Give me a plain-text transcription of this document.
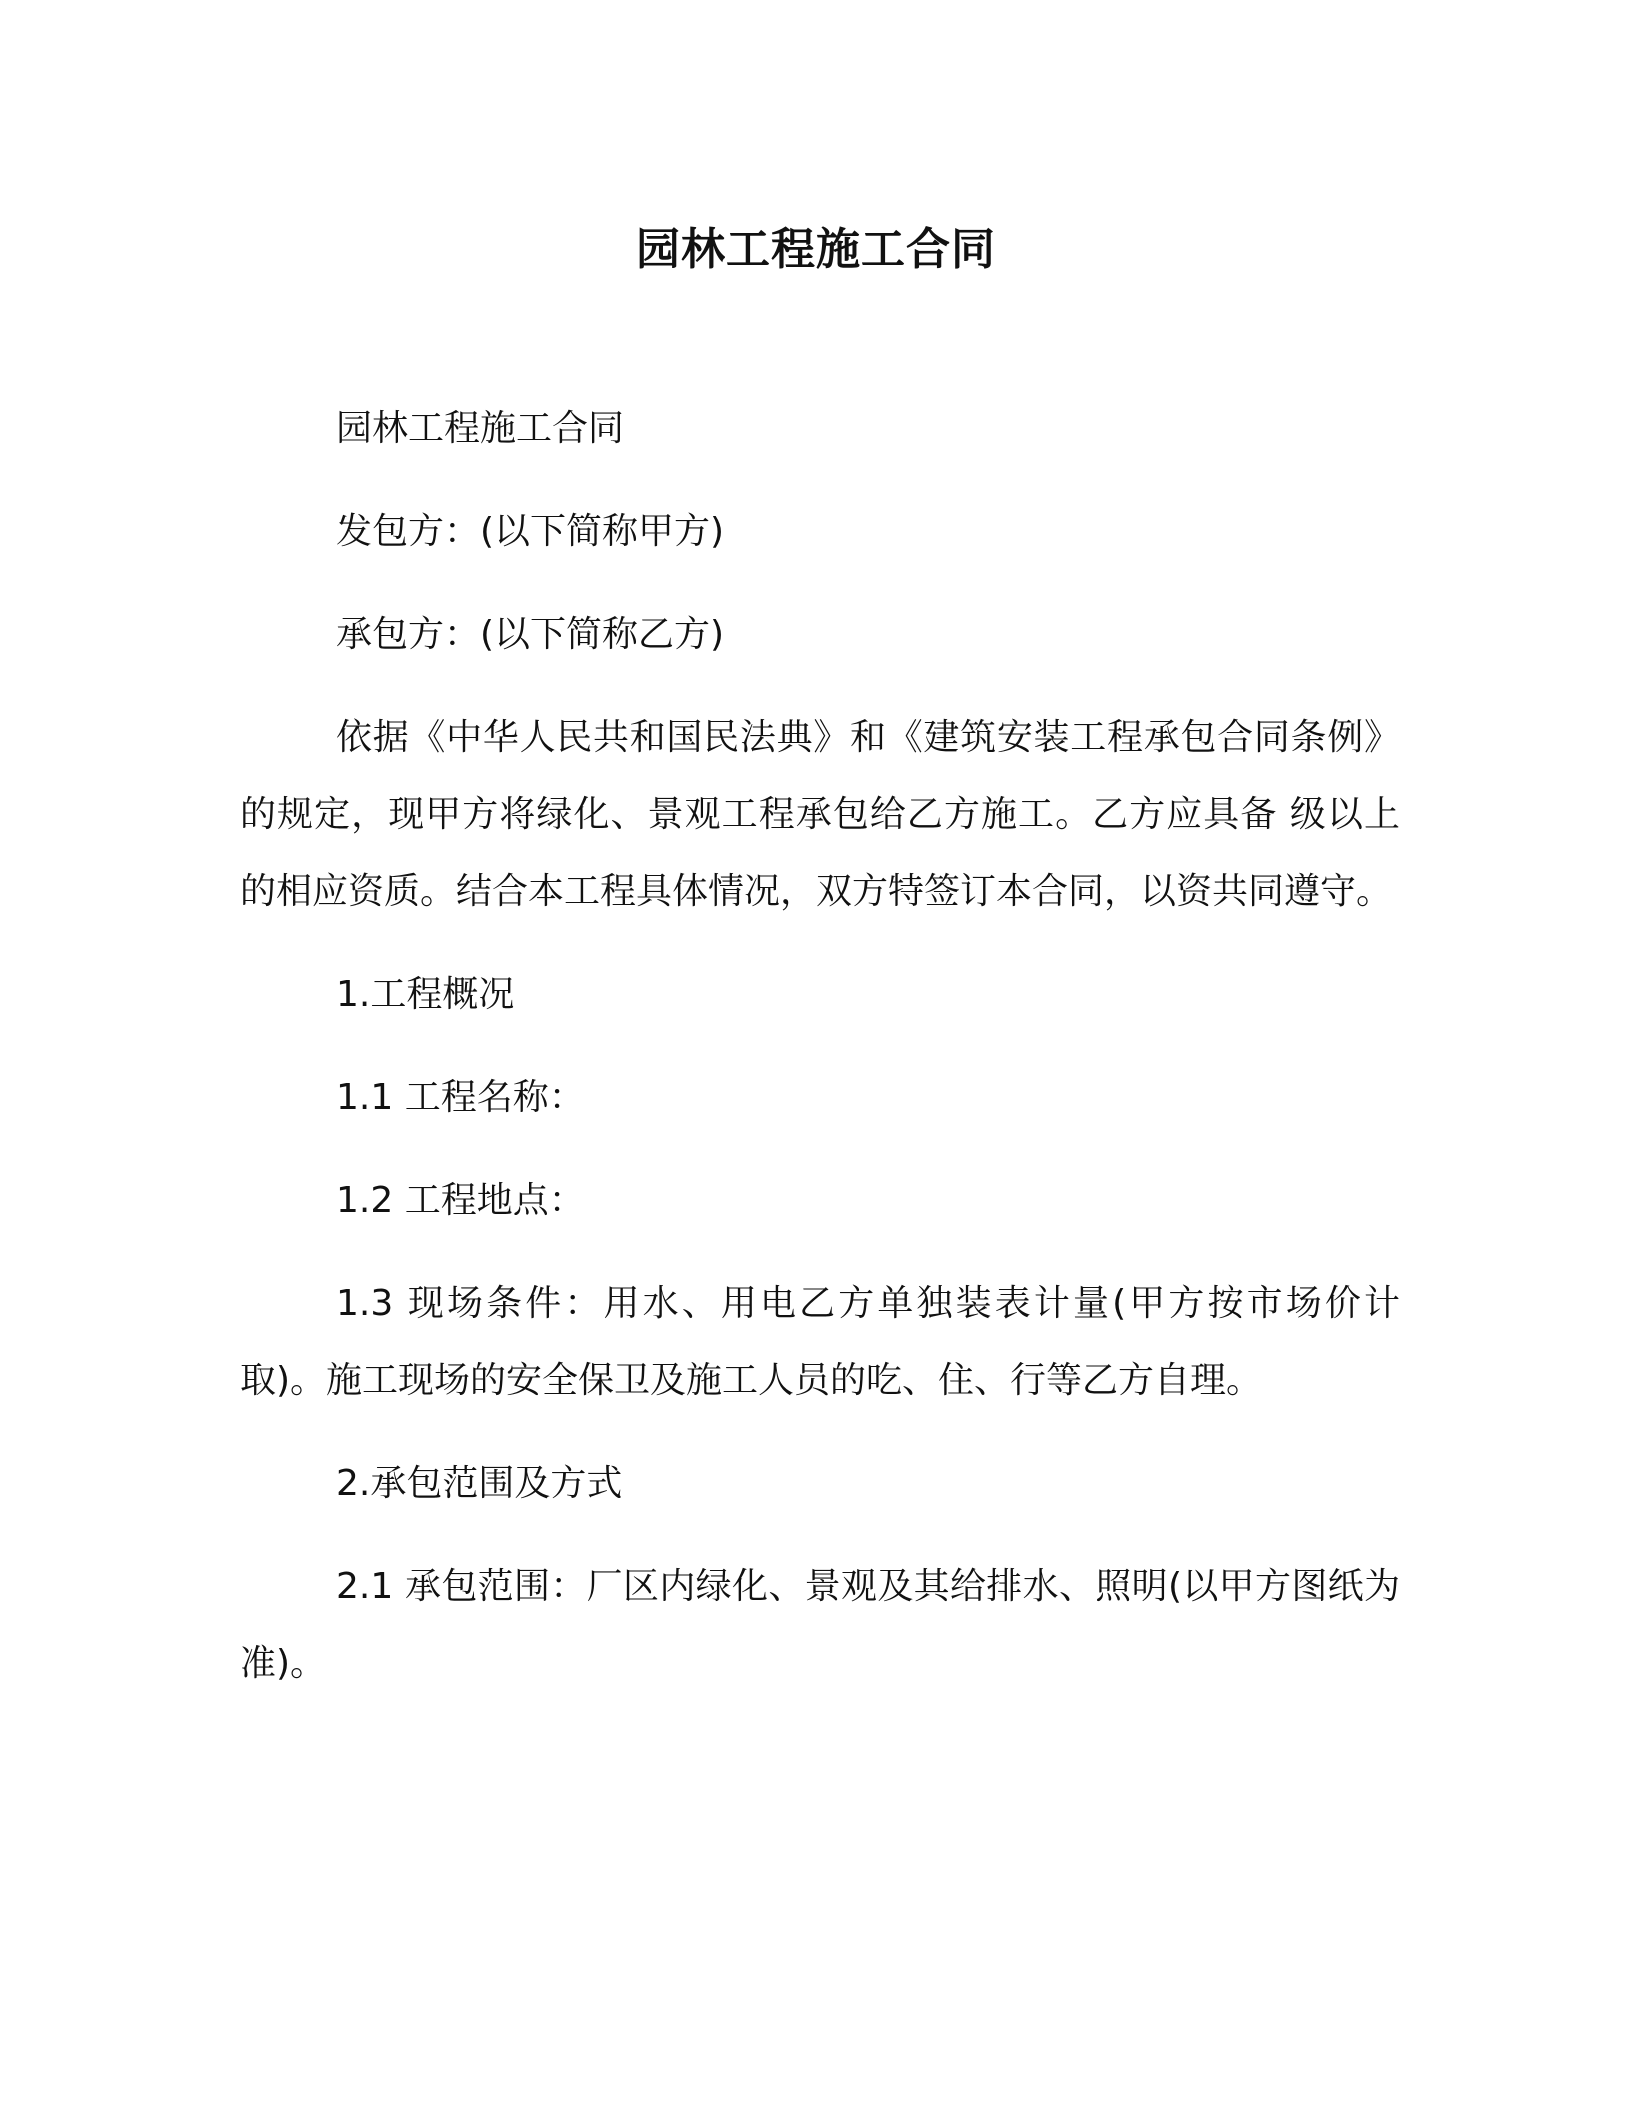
园林工程施工合同

园林工程施工合同

发包方：(以下简称甲方)

承包方：(以下简称乙方)

依据《中华人民共和国民法典》和《建筑安装工程承包合同条例》的规定，现甲方将绿化、景观工程承包给乙方施工。乙方应具备 级以上的相应资质。结合本工程具体情况，双方特签订本合同，以资共同遵守。

1.工程概况

1.1 工程名称：

1.2 工程地点：

1.3 现场条件：用水、用电乙方单独装表计量(甲方按市场价计取)。施工现场的安全保卫及施工人员的吃、住、行等乙方自理。

2.承包范围及方式

2.1 承包范围：厂区内绿化、景观及其给排水、照明(以甲方图纸为准)。
